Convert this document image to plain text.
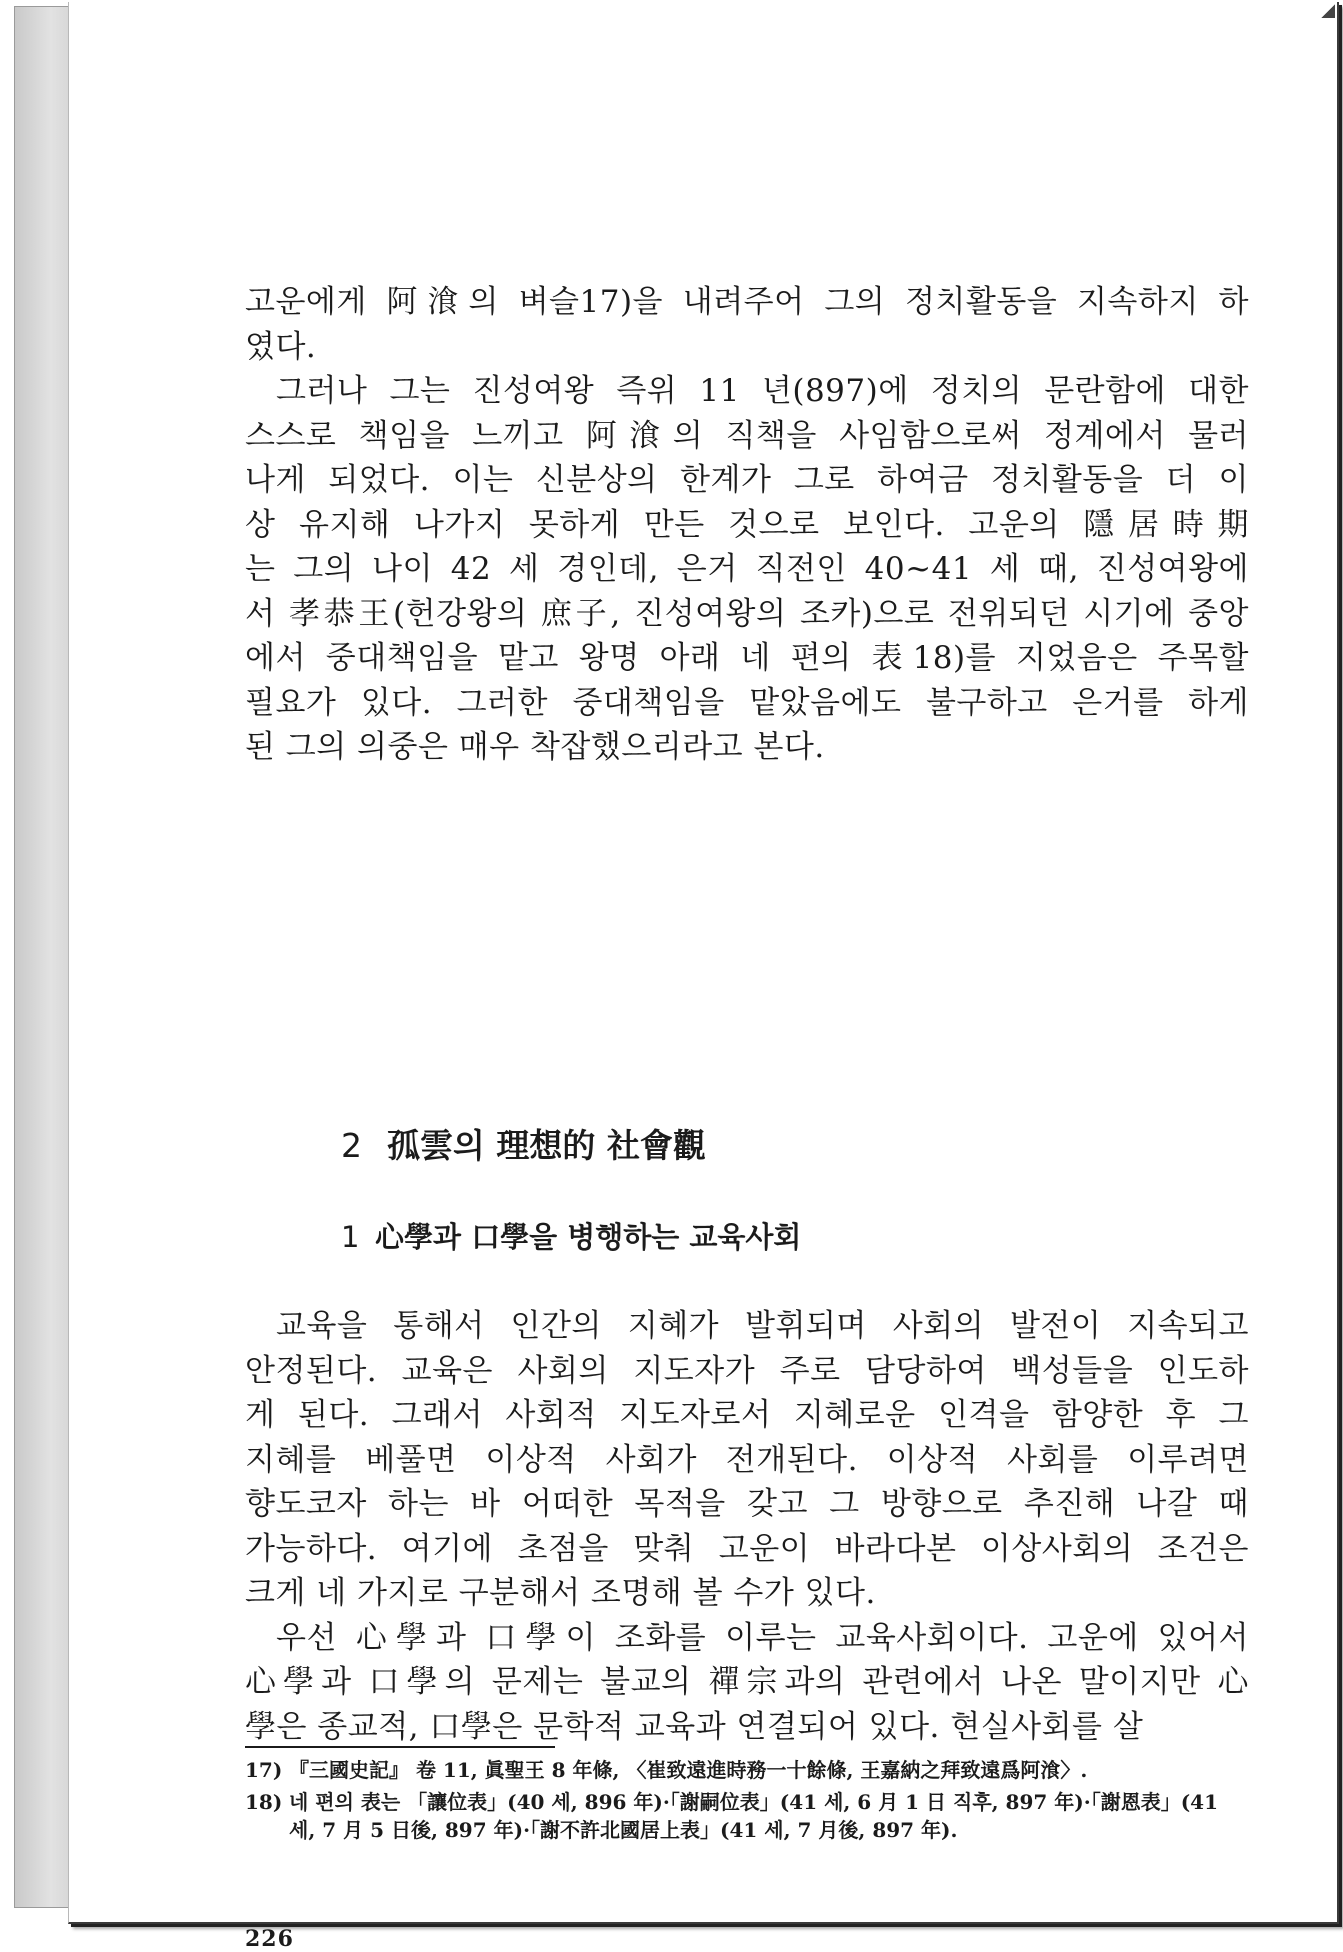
고운에게 阿湌의 벼슬17)을 내려주어 그의 정치활동을 지속하지 하
였다.

그러나 그는 진성여왕 즉위 11 년(897)에 정치의 문란함에 대한
스스로 책임을 느끼고 阿湌의 직책을 사임함으로써 정계에서 물러
나게 되었다. 이는 신분상의 한계가 그로 하여금 정치활동을 더 이
상 유지해 나가지 못하게 만든 것으로 보인다. 고운의 隱居時期
는 그의 나이 42 세 경인데, 은거 직전인 40~41 세 때, 진성여왕에
서 孝恭王(헌강왕의 庶子, 진성여왕의 조카)으로 전위되던 시기에 중앙
에서 중대책임을 맡고 왕명 아래 네 편의 表18)를 지었음은 주목할
필요가 있다. 그러한 중대책임을 맡았음에도 불구하고 은거를 하게
된 그의 의중은 매우 착잡했으리라고 본다.

2 孤雲의 理想的 社會觀
1 心學과 口學을 병행하는 교육사회

교육을 통해서 인간의 지혜가 발휘되며 사회의 발전이 지속되고
안정된다. 교육은 사회의 지도자가 주로 담당하여 백성들을 인도하
게 된다. 그래서 사회적 지도자로서 지혜로운 인격을 함양한 후 그
지혜를 베풀면 이상적 사회가 전개된다. 이상적 사회를 이루려면
향도코자 하는 바 어떠한 목적을 갖고 그 방향으로 추진해 나갈 때
가능하다. 여기에 초점을 맞춰 고운이 바라다본 이상사회의 조건은
크게 네 가지로 구분해서 조명해 볼 수가 있다.

우선 心學과 口學이 조화를 이루는 교육사회이다. 고운에 있어서
心學과 口學의 문제는 불교의 禪宗과의 관련에서 나온 말이지만 心
學은 종교적, 口學은 문학적 교육과 연결되어 있다. 현실사회를 살

17) 『三國史記』 卷 11, 眞聖王 8 年條, 〈崔致遠進時務一十餘條, 王嘉納之拜致遠爲阿湌〉.
18) 네 편의 表는 「讓位表」(40 세, 896 年)·「謝嗣位表」(41 세, 6 月 1 日 직후, 897 年)·「謝恩表」(41 세, 7 月 5 日後, 897 年)·「謝不許北國居上表」(41 세, 7 月後, 897 年).
226
